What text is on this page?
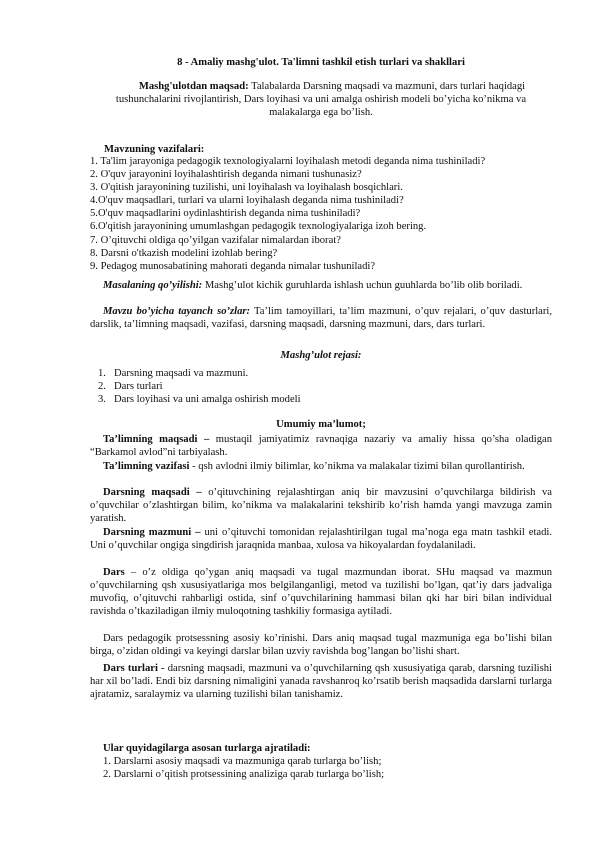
8 - Amaliy mashg'ulot. Ta'limni tashkil etish turlari va shakllari

Mashg'ulotdan maqsad: Talabalarda Darsning maqsadi va mazmuni, dars turlari haqidagi tushunchalarini rivojlantirish, Dars loyihasi va uni amalga oshirish modeli bo’yicha ko’nikma va malakalarga ega bo’lish.

Mavzuning vazifalari:
1. Ta'lim jarayoniga pedagogik texnologiyalarni loyihalash metodi deganda nima tushiniladi?
2. O'quv jarayonini loyihalashtirish deganda nimani tushunasiz?
3. O'qitish jarayonining tuzilishi, uni loyihalash va loyihalash bosqichlari.
4.O'quv maqsadlari, turlari va ularni loyihalash deganda nima tushiniladi?
5.O'quv maqsadlarini oydinlashtirish deganda nima tushiniladi?
6.O'qitish jarayonining umumlashgan pedagogik texnologiyalariga izoh bering.
7. O’qituvchi oldiga qo’yilgan vazifalar nimalardan iborat?
8. Darsni o'tkazish modelini izohlab bering?
9. Pedagog munosabatining mahorati deganda nimalar tushuniladi?

Masalaning qo’yilishi: Mashg’ulot kichik guruhlarda ishlash uchun guuhlarda bo’lib olib boriladi.

Mavzu bo’yicha tayanch so’zlar: Ta’lim tamoyillari, ta’lim mazmuni, o’quv rejalari, o’quv dasturlari, darslik, ta’limning maqsadi, vazifasi, darsning maqsadi, darsning mazmuni, dars, dars turlari.

Mashg’ulot rejasi:
1. Darsning maqsadi va mazmuni.
2. Dars turlari
3. Dars loyihasi va uni amalga oshirish modeli
Umumiy ma’lumot;

Ta’limning maqsadi – mustaqil jamiyatimiz ravnaqiga nazariy va amaliy hissa qo’sha oladigan “Barkamol avlod”ni tarbiyalash.

Ta’limning vazifasi - qsh avlodni ilmiy bilimlar, ko’nikma va malakalar tizimi bilan qurollantirish.

Darsning maqsadi – o’qituvchining rejalashtirgan aniq bir mavzusini o’quvchilarga bildirish va o’quvchilar o’zlashtirgan bilim, ko’nikma va malakalarini tekshirib ko’rish hamda yangi mavzuga zamin yaratish.

Darsning mazmuni – uni o’qituvchi tomonidan rejalashtirilgan tugal ma’noga ega matn tashkil etadi. Uni o’quvchilar ongiga singdirish jaraqnida manbaa, xulosa va hikoyalardan foydalaniladi.

Dars – o’z oldiga qo’ygan aniq maqsadi va tugal mazmundan iborat. SHu maqsad va mazmun o’quvchilarning qsh xususiyatlariga mos belgilanganligi, metod va tuzilishi bo’lgan, qat’iy dars jadvaliga muvofiq, o’qituvchi rahbarligi ostida, sinf o’quvchilarining hammasi bilan qki har biri bilan individual ravishda o’tkaziladigan ilmiy muloqotning tashkiliy formasiga aytiladi.

Dars pedagogik protsessning asosiy ko’rinishi. Dars aniq maqsad tugal mazmuniga ega bo’lishi bilan birga, o’zidan oldingi va keyingi darslar bilan uzviy ravishda bog’langan bo’lishi shart.

Dars turlari - darsning maqsadi, mazmuni va o’quvchilarning qsh xususiyatiga qarab, darsning tuzilishi har xil bo’ladi. Endi biz darsning nimaligini yanada ravshanroq ko’rsatib berish maqsadida darslarni turlarga ajratamiz, saralaymiz va ularning tuzilishi bilan tanishamiz.

Ular quyidagilarga asosan turlarga ajratiladi:
1. Darslarni asosiy maqsadi va mazmuniga qarab turlarga bo’lish;
2. Darslarni o’qitish protsessining analiziga qarab turlarga bo’lish;
